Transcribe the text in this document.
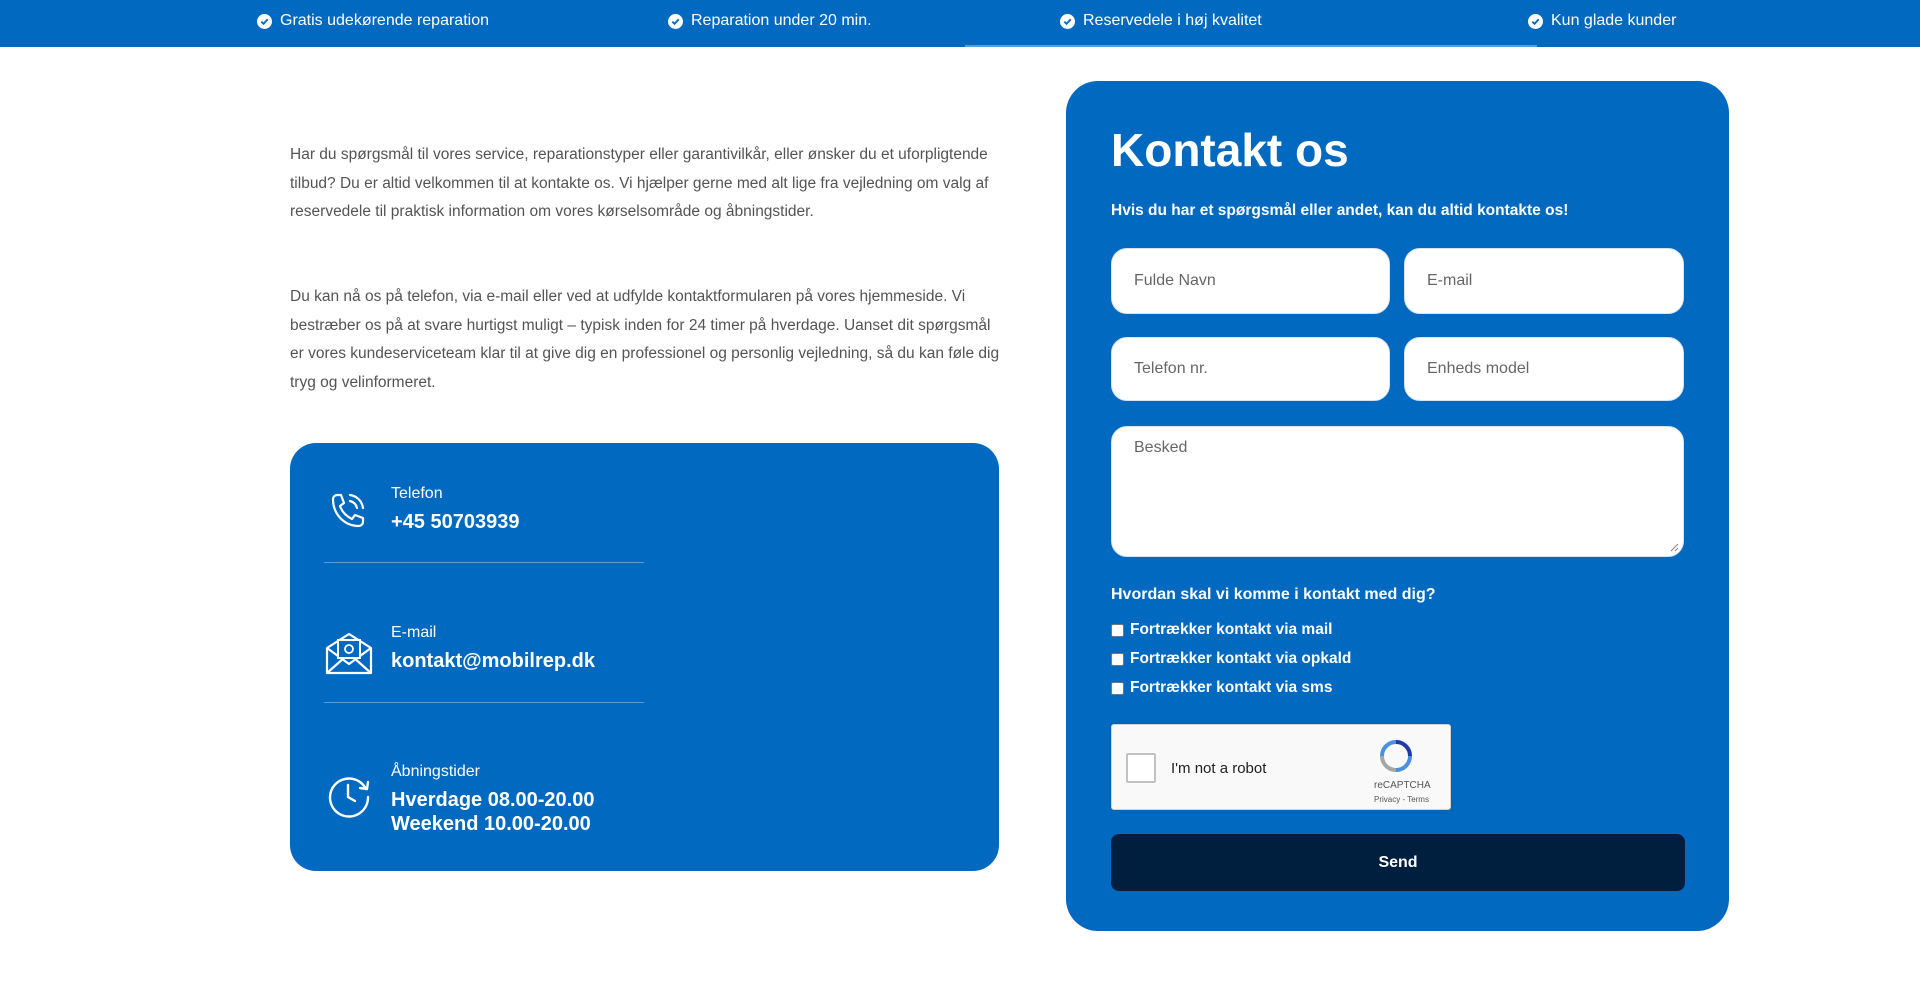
Gratis udekørende reparation	Reparation under 20 min.	Reservedele i høj kvalitet	Kun glade kunder

Har du spørgsmål til vores service, reparationstyper eller garantivilkår, eller ønsker du et uforpligtende tilbud? Du er altid velkommen til at kontakte os. Vi hjælper gerne med alt lige fra vejledning om valg af reservedele til praktisk information om vores kørselsområde og åbningstider.

Du kan nå os på telefon, via e-mail eller ved at udfylde kontaktformularen på vores hjemmeside. Vi bestræber os på at svare hurtigst muligt – typisk inden for 24 timer på hverdage. Uanset dit spørgsmål er vores kundeserviceteam klar til at give dig en professionel og personlig vejledning, så du kan føle dig tryg og velinformeret.

Telefon
+45 50703939
E-mail
kontakt@mobilrep.dk
Åbningstider
Hverdage 08.00-20.00
Weekend 10.00-20.00
Kontakt os
Hvis du har et spørgsmål eller andet, kan du altid kontakte os!
Fulde Navn
E-mail
Telefon nr.
Enheds model
Besked
Hvordan skal vi komme i kontakt med dig?
Fortrækker kontakt via mail
Fortrækker kontakt via opkald
Fortrækker kontakt via sms
I'm not a robot
reCAPTCHA
Privacy - Terms
Send
